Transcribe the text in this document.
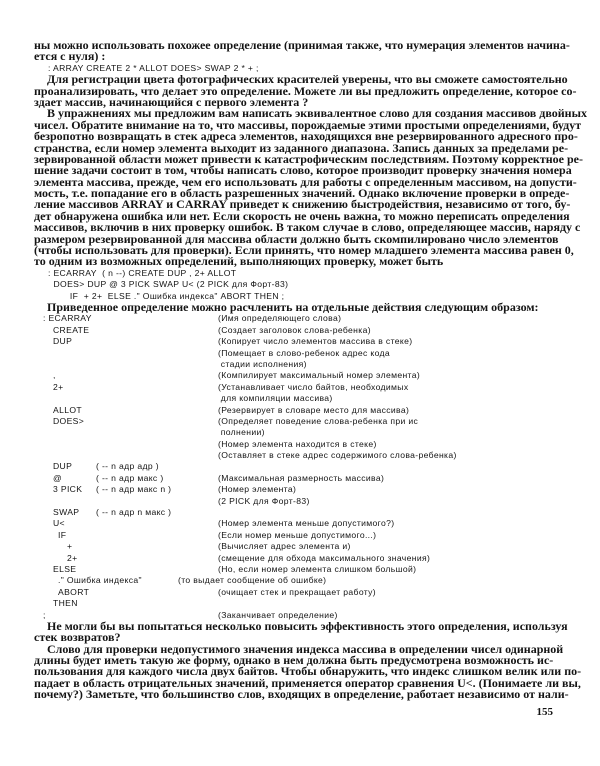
ны можно использовать похожее определение (принимая также, что нумерация элементов начина-
ется с нуля) :
: ARRAY CREATE 2 * ALLOT DOES> SWAP 2 * + ;
Для регистрации цвета фотографических красителей уверены, что вы сможете самостоятельно
проанализировать, что делает это определение. Можете ли вы предложить определение, которое со-
здает массив, начинающийся с первого элемента ?
В упражнениях мы предложим вам написать эквивалентное слово для создания массивов двойных
чисел. Обратите внимание на то, что массивы, порождаемые этими простыми определениями, будут
безропотно возвращать в стек адреса элементов, находящихся вне резервированного адресного про-
странства, если номер элемента выходит из заданного диапазона. Запись данных за пределами ре-
зервированной области может привести к катастрофическим последствиям. Поэтому корректное ре-
шение задачи состоит в том, чтобы написать слово, которое производит проверку значения номера
элемента массива, прежде, чем его использовать для работы с определенным массивом, на допусти-
мость, т.е. попадание его в область разрешенных значений. Однако включение проверки в опреде-
ление массивов ARRAY и CARRAY приведет к снижению быстродействия, независимо от того, бу-
дет обнаружена ошибка или нет. Если скорость не очень важна, то можно переписать определения
массивов, включив в них проверку ошибок. В таком случае в слово, определяющее массив, наряду с
размером резервированной для массива области должно быть скомпилировано число элементов
(чтобы использовать для проверки). Если принять, что номер младшего элемента массива равен 0,
то одним из возможных определений, выполняющих проверку, может быть
: ECARRAY  ( n --) CREATE DUP , 2+ ALLOT
DOES> DUP @ 3 PICK SWAP U< (2 PICK для Форт-83)
IF  + 2+  ELSE ." Ошибка индекса" ABORT THEN ;
Приведенное определение можно расчленить на отдельные действия следующим образом:
: ECARRAY	(Имя определяющего слова)
CREATE	(Создает заголовок слова-ребенка)
DUP	(Копирует число элементов массива в стеке)
(Помещает в слово-ребенок адрес кода
стадии исполнения)
,	(Компилирует максимальный номер элемента)
2+	(Устанавливает число байтов, необходимых
для компиляции массива)
ALLOT	(Резервирует в словаре место для массива)
DOES>	(Определяет поведение слова-ребенка при ис
полнении)
(Номер элемента находится в стеке)
(Оставляет в стеке адрес содержимого слова-ребенка)
DUP	( -- n адр адр )
@	( -- n адр макс )	(Максимальная размерность массива)
3 PICK ( -- n адр макс n )	(Номер элемента)
(2 PICK для Форт-83)
SWAP ( -- n адр n макс )
U<	(Номер элемента меньше допустимого?)
IF	(Если номер меньше допустимого...)
+	(Вычисляет адрес элемента и)
2+	(смещение для обхода максимального значения)
ELSE	(Но, если номер элемента слишком большой)
." Ошибка индекса"	(то выдает сообщение об ошибке)
ABORT	(очищает стек и прекращает работу)
THEN
;	(Заканчивает определение)
Не могли бы вы попытаться несколько повысить эффективность этого определения, используя
стек возвратов?
Слово для проверки недопустимого значения индекса массива в определении чисел одинарной
длины будет иметь такую же форму, однако в нем должна быть предусмотрена возможность ис-
пользования для каждого числа двух байтов. Чтобы обнаружить, что индекс слишком велик или по-
падает в область отрицательных значений, применяется оператор сравнения U<. (Понимаете ли вы,
почему?) Заметьте, что большинство слов, входящих в определение, работает независимо от нали-
155
